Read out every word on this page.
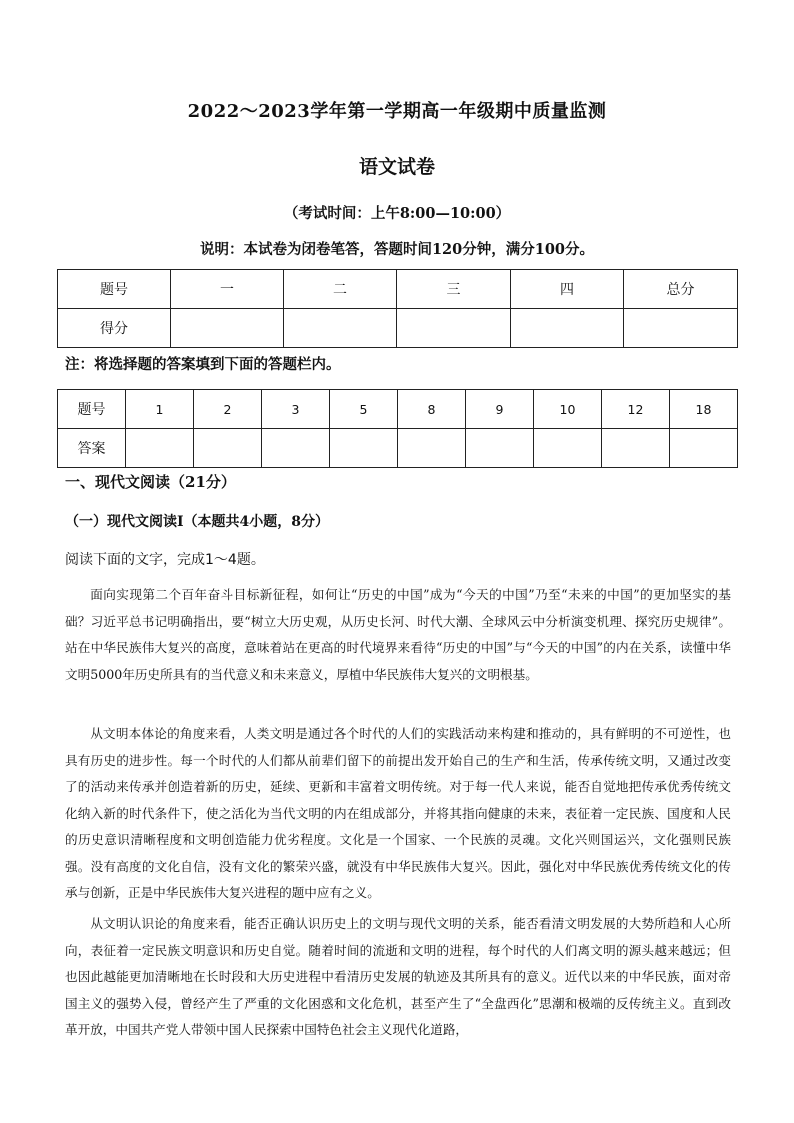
2022～2023学年第一学期高一年级期中质量监测
语文试卷
（考试时间：上午8:00—10:00）
说明：本试卷为闭卷笔答，答题时间120分钟，满分100分。
题号	一	二	三	四	总分
得分					
注：将选择题的答案填到下面的答题栏内。
题号	1	2	3	5	8	9	10	12	18
答案									
一、现代文阅读（21分）
（一）现代文阅读Ⅰ（本题共4小题，8分）
阅读下面的文字，完成1～4题。

面向实现第二个百年奋斗目标新征程，如何让“历史的中国”成为“今天的中国”乃至“未来的中国”的更加坚实的基础？习近平总书记明确指出，要“树立大历史观，从历史长河、时代大潮、全球风云中分析演变机理、探究历史规律”。站在中华民族伟大复兴的高度，意味着站在更高的时代境界来看待“历史的中国”与“今天的中国”的内在关系，读懂中华文明5000年历史所具有的当代意义和未来意义，厚植中华民族伟大复兴的文明根基。

从文明本体论的角度来看，人类文明是通过各个时代的人们的实践活动来构建和推动的，具有鲜明的不可逆性，也具有历史的进步性。每一个时代的人们都从前辈们留下的前提出发开始自己的生产和生活，传承传统文明，又通过改变了的活动来传承并创造着新的历史，延续、更新和丰富着文明传统。对于每一代人来说，能否自觉地把传承优秀传统文化纳入新的时代条件下，使之活化为当代文明的内在组成部分，并将其指向健康的未来，表征着一定民族、国度和人民的历史意识清晰程度和文明创造能力优劣程度。文化是一个国家、一个民族的灵魂。文化兴则国运兴，文化强则民族强。没有高度的文化自信，没有文化的繁荣兴盛，就没有中华民族伟大复兴。因此，强化对中华民族优秀传统文化的传承与创新，正是中华民族伟大复兴进程的题中应有之义。

从文明认识论的角度来看，能否正确认识历史上的文明与现代文明的关系，能否看清文明发展的大势所趋和人心所向，表征着一定民族文明意识和历史自觉。随着时间的流逝和文明的进程，每个时代的人们离文明的源头越来越远；但也因此越能更加清晰地在长时段和大历史进程中看清历史发展的轨迹及其所具有的意义。近代以来的中华民族，面对帝国主义的强势入侵，曾经产生了严重的文化困惑和文化危机，甚至产生了“全盘西化”思潮和极端的反传统主义。直到改革开放，中国共产党人带领中国人民探索中国特色社会主义现代化道路，
